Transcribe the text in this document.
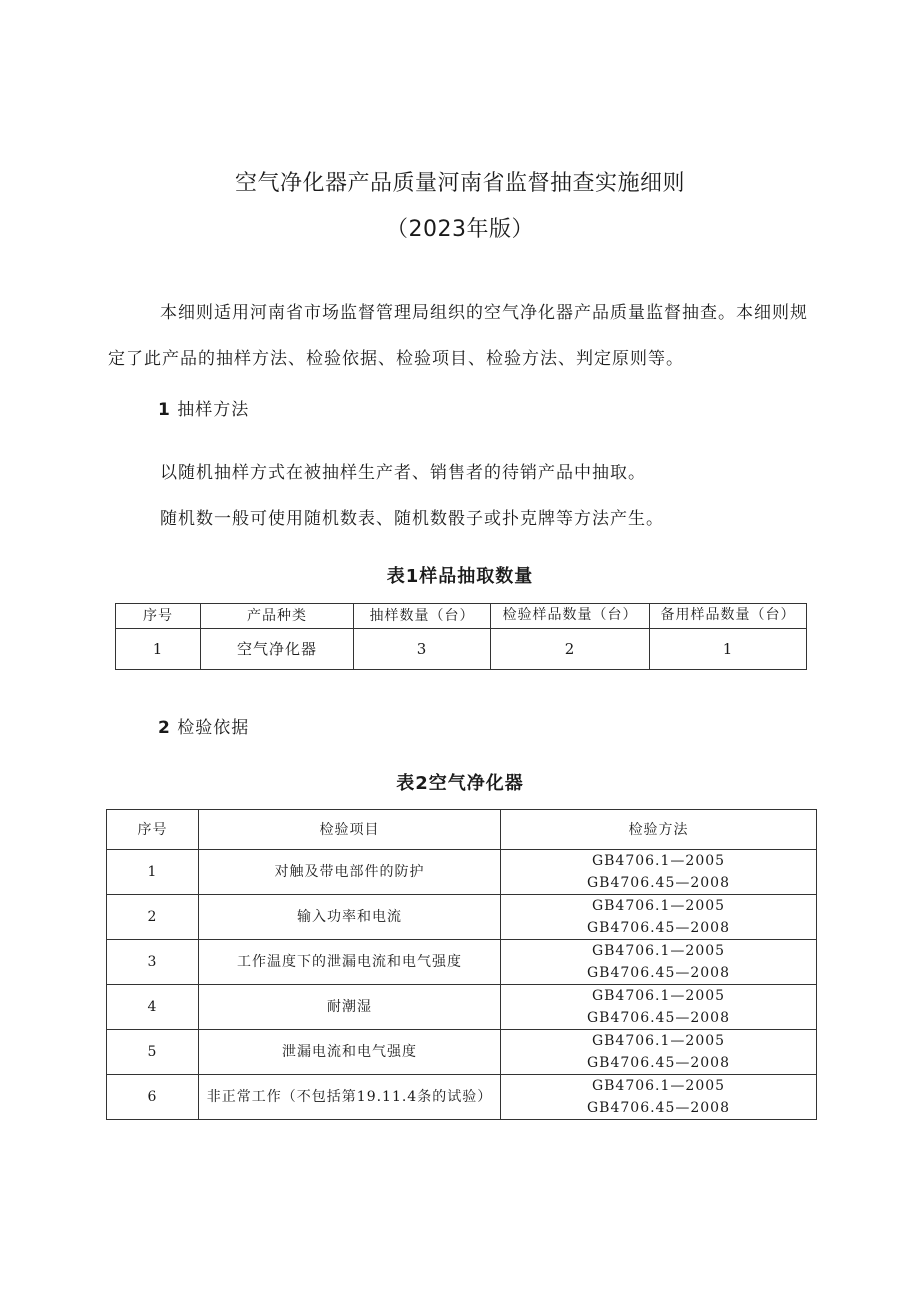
空气净化器产品质量河南省监督抽查实施细则
（2023年版）

本细则适用河南省市场监督管理局组织的空气净化器产品质量监督抽查。本细则规定了此产品的抽样方法、检验依据、检验项目、检验方法、判定原则等。

1 抽样方法
以随机抽样方式在被抽样生产者、销售者的待销产品中抽取。
随机数一般可使用随机数表、随机数骰子或扑克牌等方法产生。
表1样品抽取数量
序号	产品种类	抽样数量（台）	检验样品数量（台）	备用样品数量（台）
1	空气净化器	3	2	1
2 检验依据
表2空气净化器
序号	检验项目	检验方法
1	对触及带电部件的防护	GB4706.1—2005
GB4706.45—2008

2	输入功率和电流	GB4706.1—2005
GB4706.45—2008

3	工作温度下的泄漏电流和电气强度	GB4706.1—2005
GB4706.45—2008

4	耐潮湿	GB4706.1—2005
GB4706.45—2008

5	泄漏电流和电气强度	GB4706.1—2005
GB4706.45—2008

6	非正常工作（不包括第19.11.4条的试验）	GB4706.1—2005
GB4706.45—2008
